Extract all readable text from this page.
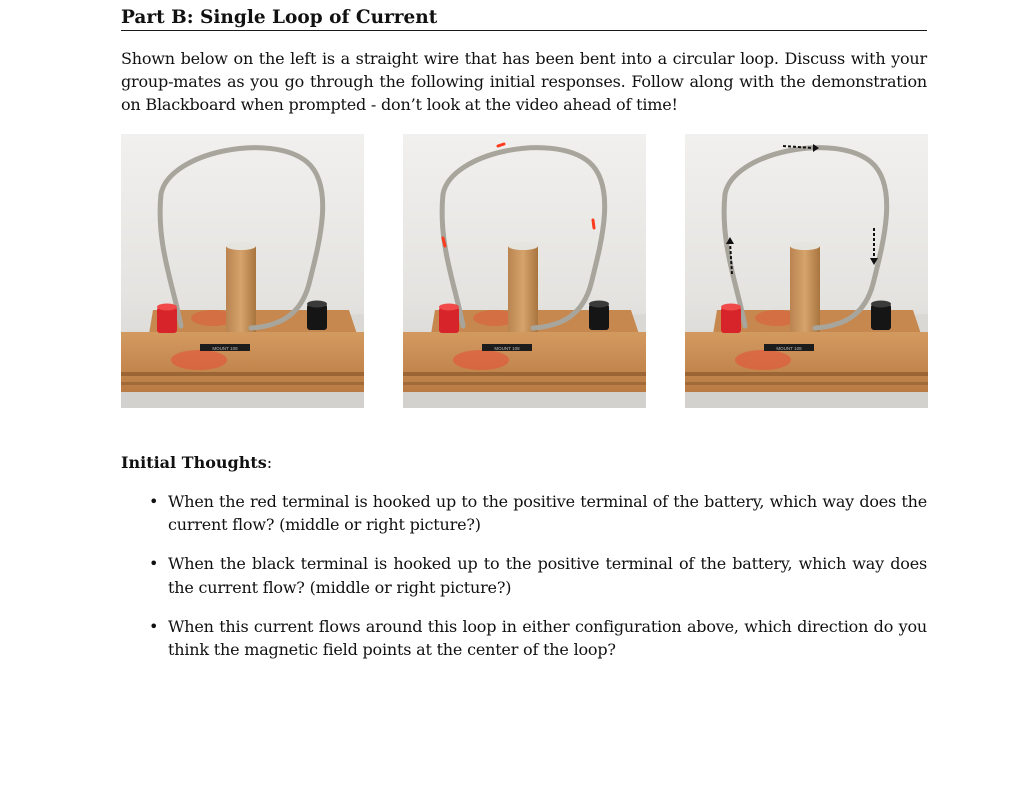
Part B: Single Loop of Current

Shown below on the left is a straight wire that has been bent into a circular loop. Discuss with your group-mates as you go through the following initial responses. Follow along with the demonstration on Blackboard when prompted - don’t look at the video ahead of time!

MOUNT 108	MOUNT 108	MOUNT 108

Initial Thoughts:

• When the red terminal is hooked up to the positive terminal of the battery, which way does the current flow? (middle or right picture?)
• When the black terminal is hooked up to the positive terminal of the battery, which way does the current flow? (middle or right picture?)
• When this current flows around this loop in either configuration above, which direction do you think the magnetic field points at the center of the loop?
